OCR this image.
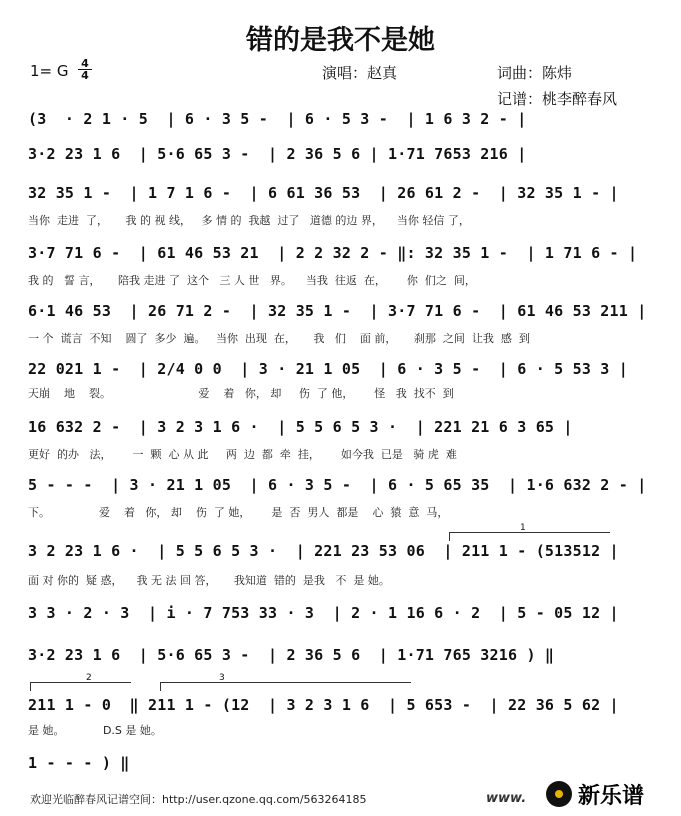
错的是我不是她
1= G 4
4	演唱：赵真	词曲：陈炜
记谱：桃李醉春风
(3  · 2 1 · 5  | 6 · 3 5 -  | 6 · 5 3 -  | 1 6 3 2 - |
3·2 23 1 6  | 5·6 65 3 -  | 2 36 5 6 | 1·71 7653 216 |
32 35 1 -  | 1 7 1 6 -  | 6 61 36 53  | 26 61 2 -  | 32 35 1 - |
当你  走进  了，     我 的 视 线，   多 情 的  我越  过了   道德 的边 界，    当你 轻信 了，
3·7 71 6 -  | 61 46 53 21  | 2 2 32 2 - ‖: 32 35 1 -  | 1 71 6 - |
我 的   誓 言，     陪我 走进 了  这个   三 人 世   界。    当我  往返  在，      你  们之  间，
6·1 46 53  | 26 71 2 -  | 32 35 1 -  | 3·7 71 6 -  | 61 46 53 211 |
一 个  谎言  不知    圆了  多少  遍。   当你  出现  在，     我   们    面 前，     刹那  之间  让我  感  到
22 021 1 -  | 2/4 0 0  | 3 · 21 1 05  | 6 · 3 5 -  | 6 · 5 53 3 |
天崩    地    裂。                         爱    着   你， 却     伤  了 他，      怪   我  找不  到
16 632 2 -  | 3 2 3 1 6 ·  | 5 5 6 5 3 ·  | 221 21 6 3 65 |
更好  的办   法，      一  颗  心 从 此     两  边  都  牵  挂，      如今我  已是   骑 虎  难
5 - - -  | 3 · 21 1 05  | 6 · 3 5 -  | 6 · 5 65 35  | 1·6 632 2 - |
下。              爱    着   你， 却    伤  了 她，      是  否  男人  都是    心  猿  意  马，
1
3 2 23 1 6 ·  | 5 5 6 5 3 ·  | 221 23 53 06  | 211 1 - (513512 |
面 对 你的  疑 惑，    我 无 法 回 答，     我知道  错的  是我   不  是 她。
3 3 · 2 · 3  | i · 7 753 33 · 3  | 2 · 1 16 6 · 2  | 5 - 05 12 |
3·2 23 1 6  | 5·6 65 3 -  | 2 36 5 6  | 1·71 765 3216 ) ‖
2	3
211 1 - 0  ‖ 211 1 - (12  | 3 2 3 1 6  | 5 653 -  | 22 36 5 62 |
是 她。           D.S 是 她。
1 - - - ) ‖
欢迎光临醉春风记谱空间：http://user.qzone.qq.com/563264185	www. 新乐谱
